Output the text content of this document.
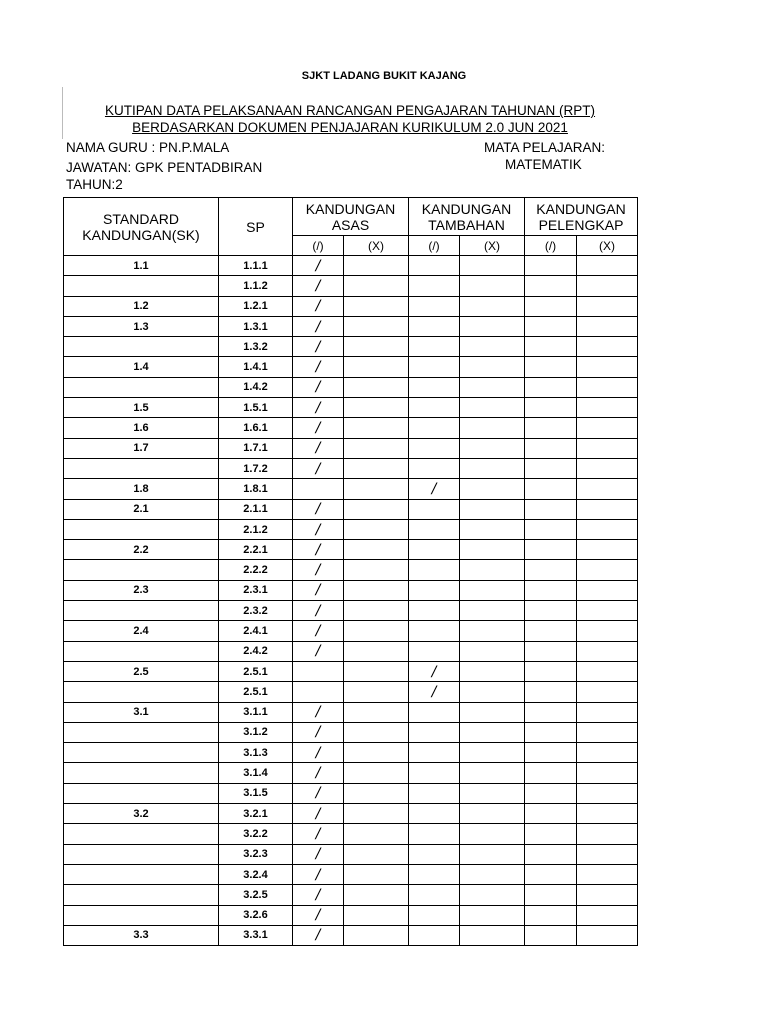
SJKT LADANG BUKIT KAJANG
KUTIPAN DATA PELAKSANAAN RANCANGAN PENGAJARAN TAHUNAN (RPT)
BERDASARKAN DOKUMEN PENJAJARAN KURIKULUM 2.0 JUN 2021
NAMA GURU : PN.P.MALA
JAWATAN: GPK PENTADBIRAN
TAHUN:2
MATA PELAJARAN:
MATEMATIK
STANDARD KANDUNGAN(SK)	SP	KANDUNGAN ASAS		KANDUNGAN TAMBAHAN		KANDUNGAN PELENGKAP	
		(/)	(X)	(/)	(X)	(/)	(X)
1.1	1.1.1	/					
	1.1.2	/					
1.2	1.2.1	/					
1.3	1.3.1	/					
	1.3.2	/					
1.4	1.4.1	/					
	1.4.2	/					
1.5	1.5.1	/					
1.6	1.6.1	/					
1.7	1.7.1	/					
	1.7.2	/					
1.8	1.8.1			/			
2.1	2.1.1	/					
	2.1.2	/					
2.2	2.2.1	/					
	2.2.2	/					
2.3	2.3.1	/					
	2.3.2	/					
2.4	2.4.1	/					
	2.4.2	/					
2.5	2.5.1			/			
	2.5.1			/			
3.1	3.1.1	/					
	3.1.2	/					
	3.1.3	/					
	3.1.4	/					
	3.1.5	/					
3.2	3.2.1	/					
	3.2.2	/					
	3.2.3	/					
	3.2.4	/					
	3.2.5	/					
	3.2.6	/					
3.3	3.3.1	/					
